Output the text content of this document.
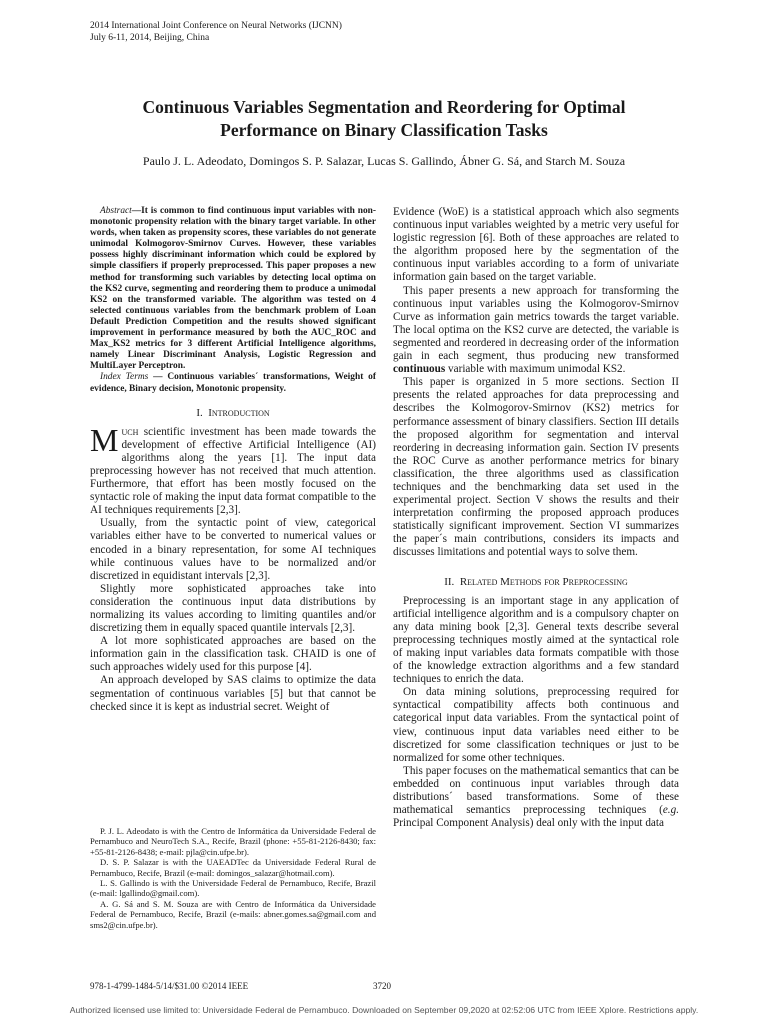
2014 International Joint Conference on Neural Networks (IJCNN)
July 6-11, 2014, Beijing, China
Continuous Variables Segmentation and Reordering for Optimal
Performance on Binary Classification Tasks
Paulo J. L. Adeodato, Domingos S. P. Salazar, Lucas S. Gallindo, Ábner G. Sá, and Starch M. Souza

Abstract—It is common to find continuous input variables with non-monotonic propensity relation with the binary target variable. In other words, when taken as propensity scores, these variables do not generate unimodal Kolmogorov-Smirnov Curves. However, these variables possess highly discriminant information which could be explored by simple classifiers if properly preprocessed. This paper proposes a new method for transforming such variables by detecting local optima on the KS2 curve, segmenting and reordering them to produce a unimodal KS2 on the transformed variable. The algorithm was tested on 4 selected continuous variables from the benchmark problem of Loan Default Prediction Competition and the results showed significant improvement in performance measured by both the AUC_ROC and Max_KS2 metrics for 3 different Artificial Intelligence algorithms, namely Linear Discriminant Analysis, Logistic Regression and MultiLayer Perceptron.

Index Terms — Continuous variables´ transformations, Weight of evidence, Binary decision, Monotonic propensity.

I. Introduction

Much scientific investment has been made towards the development of effective Artificial Intelligence (AI) algorithms along the years [1]. The input data preprocessing however has not received that much attention. Furthermore, that effort has been mostly focused on the syntactic role of making the input data format compatible to the AI techniques requirements [2,3].

Usually, from the syntactic point of view, categorical variables either have to be converted to numerical values or encoded in a binary representation, for some AI techniques while continuous values have to be normalized and/or discretized in equidistant intervals [2,3].

Slightly more sophisticated approaches take into consideration the continuous input data distributions by normalizing its values according to limiting quantiles and/or discretizing them in equally spaced quantile intervals [2,3].

A lot more sophisticated approaches are based on the information gain in the classification task. CHAID is one of such approaches widely used for this purpose [4].

An approach developed by SAS claims to optimize the data segmentation of continuous variables [5] but that cannot be checked since it is kept as industrial secret. Weight of

P. J. L. Adeodato is with the Centro de Informática da Universidade Federal de Pernambuco and NeuroTech S.A., Recife, Brazil (phone: +55-81-2126-8430; fax: +55-81-2126-8438; e-mail: pjla@cin.ufpe.br).

D. S. P. Salazar is with the UAEADTec da Universidade Federal Rural de Pernambuco, Recife, Brazil (e-mail: domingos_salazar@hotmail.com).

L. S. Gallindo is with the Universidade Federal de Pernambuco, Recife, Brazil (e-mail: lgallindo@gmail.com).

A. G. Sá and S. M. Souza are with Centro de Informática da Universidade Federal de Pernambuco, Recife, Brazil (e-mails: abner.gomes.sa@gmail.com and sms2@cin.ufpe.br).

Evidence (WoE) is a statistical approach which also segments continuous input variables weighted by a metric very useful for logistic regression [6]. Both of these approaches are related to the algorithm proposed here by the segmentation of the continuous input variables according to a form of univariate information gain based on the target variable.

This paper presents a new approach for transforming the continuous input variables using the Kolmogorov-Smirnov Curve as information gain metrics towards the target variable. The local optima on the KS2 curve are detected, the variable is segmented and reordered in decreasing order of the information gain in each segment, thus producing new transformed continuous variable with maximum unimodal KS2.

This paper is organized in 5 more sections. Section II presents the related approaches for data preprocessing and describes the Kolmogorov-Smirnov (KS2) metrics for performance assessment of binary classifiers. Section III details the proposed algorithm for segmentation and interval reordering in decreasing information gain. Section IV presents the ROC Curve as another performance metrics for binary classification, the three algorithms used as classification techniques and the benchmarking data set used in the experimental project. Section V shows the results and their interpretation confirming the proposed approach produces statistically significant improvement. Section VI summarizes the paper´s main contributions, considers its impacts and discusses limitations and potential ways to solve them.

II. Related Methods for Preprocessing

Preprocessing is an important stage in any application of artificial intelligence algorithm and is a compulsory chapter on any data mining book [2,3]. General texts describe several preprocessing techniques mostly aimed at the syntactical role of making input variables data formats compatible with those of the knowledge extraction algorithms and a few standard techniques to enrich the data.

On data mining solutions, preprocessing required for syntactical compatibility affects both continuous and categorical input data variables. From the syntactical point of view, continuous input data variables need either to be discretized for some classification techniques or just to be normalized for some other techniques.

This paper focuses on the mathematical semantics that can be embedded on continuous input variables through data distributions´ based transformations. Some of these mathematical semantics preprocessing techniques (e.g. Principal Component Analysis) deal only with the input data

978-1-4799-1484-5/14/$31.00 ©2014 IEEE	3720
Authorized licensed use limited to: Universidade Federal de Pernambuco. Downloaded on September 09,2020 at 02:52:06 UTC from IEEE Xplore. Restrictions apply.
